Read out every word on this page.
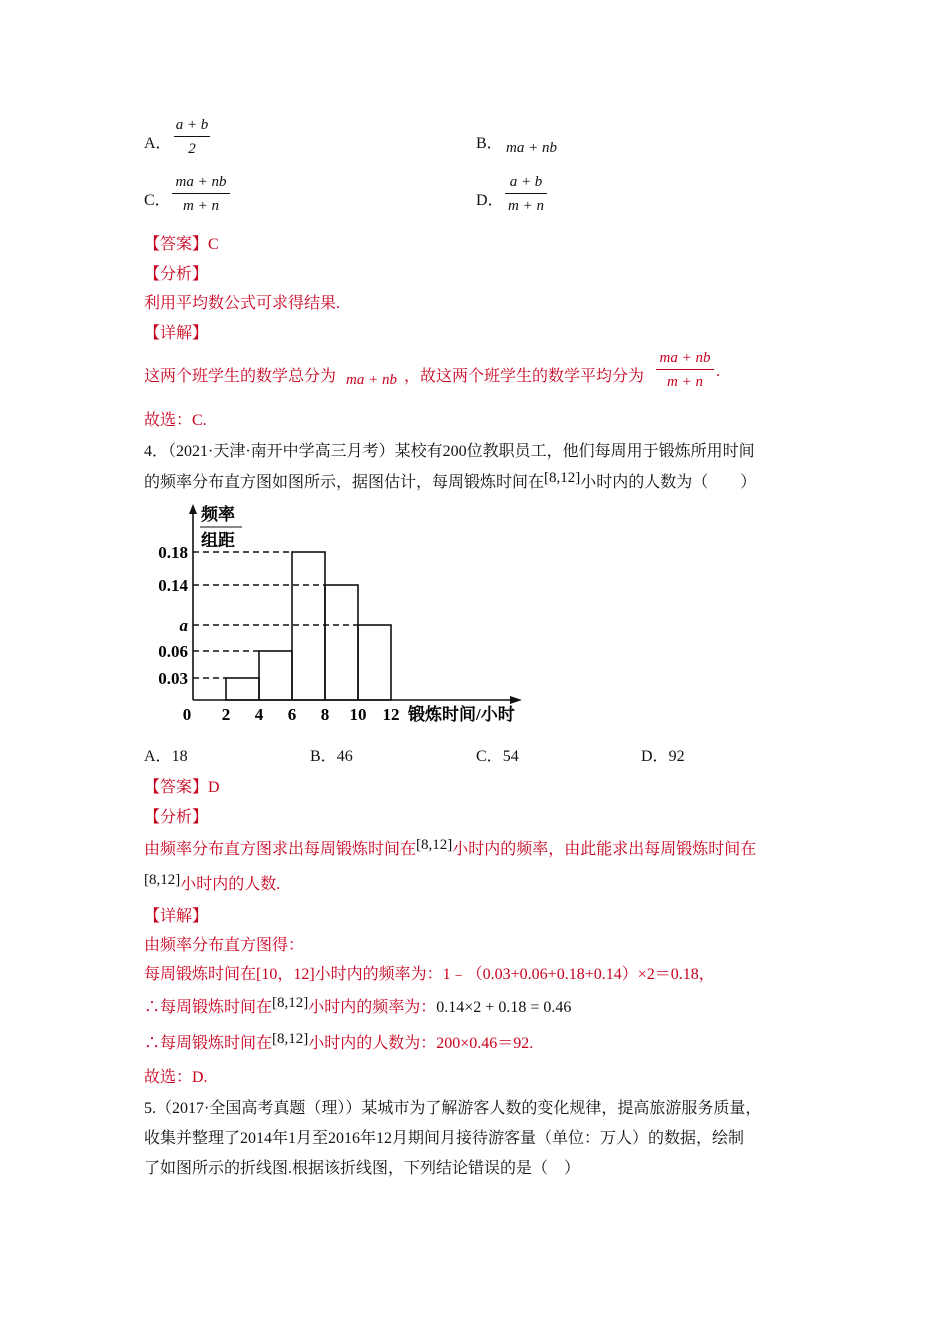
A．
a + b
2	B． ma + nb
C．
ma + nb
m + n	D．
a + b
m + n
【答案】C
【分析】
利用平均数公式可求得结果.
【详解】
这两个班学生的数学总分为 ma + nb ，故这两个班学生的数学平均分为
ma + nb
m + n
.
故选：C.
4．（2021·天津·南开中学高三月考）某校有200位教职员工，他们每周用于锻炼所用时间
的频率分布直方图如图所示，据图估计，每周锻炼时间在[8,12]小时内的人数为（　　）
频率
组距
锻炼时间/小时
0.03
0.06
a
0.14
0.18
0 2 4 6 8 10 12
A．18	B．46	C．54	D．92
【答案】D
【分析】
由频率分布直方图求出每周锻炼时间在[8,12]小时内的频率，由此能求出每周锻炼时间在
[8,12]小时内的人数.
【详解】
由频率分布直方图得：
每周锻炼时间在[10，12]小时内的频率为：1﹣（0.03+0.06+0.18+0.14）×2＝0.18，
∴每周锻炼时间在[8,12]小时内的频率为：0.14×2 + 0.18 = 0.46
∴每周锻炼时间在[8,12]小时内的人数为：200×0.46＝92.
故选：D.
5.（2017·全国高考真题（理））某城市为了解游客人数的变化规律，提高旅游服务质量，
收集并整理了2014年1月至2016年12月期间月接待游客量（单位：万人）的数据，绘制
了如图所示的折线图.根据该折线图，下列结论错误的是（　）
